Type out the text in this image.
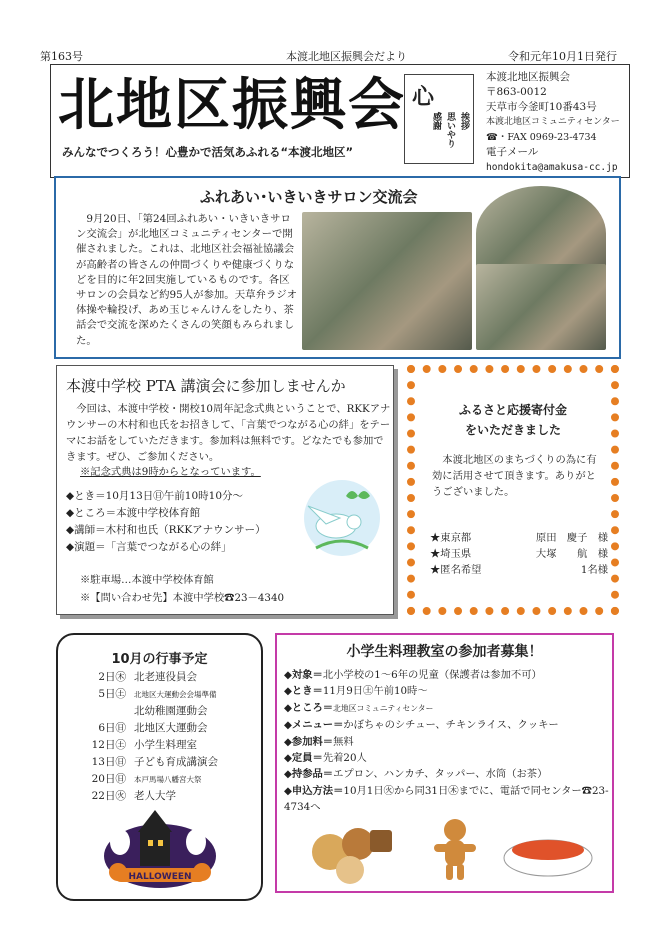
第163号	本渡北地区振興会だより	令和元年10月1日発行
北地区振興会
みんなでつくろう！心豊かで活気あふれる“本渡北地区”
心
挨拶
思いやり
感謝
本渡北地区振興会
〒863-0012
天草市今釜町10番43号
本渡北地区コミュニティセンター
☎・FAX 0969-23-4734
電子メール
hondokita@amakusa-cc.jp
ふれあい･いきいきサロン交流会
9月20日、「第24回ふれあい・いきいきサロン交流会」が北地区コミュニティセンターで開催されました。これは、北地区社会福祉協議会が高齢者の皆さんの仲間づくりや健康づくりなどを目的に年2回実施しているものです。各区サロンの会員など約95人が参加。天草弁ラジオ体操や輪投げ、あめ玉じゃんけんをしたり、茶話会で交流を深めたくさんの笑顔もみられました。
本渡中学校 PTA 講演会に参加しませんか
今回は、本渡中学校・開校10周年記念式典ということで、RKKアナウンサーの木村和也氏をお招きして、「言葉でつながる心の絆」をテーマにお話をしていただきます。参加料は無料です。どなたでも参加できます。ぜひ、ご参加ください。
※記念式典は9時からとなっています。
◆とき＝10月13日㊐午前10時10分～
◆ところ＝本渡中学校体育館
◆講師＝木村和也氏（RKKアナウンサー）
◆演題＝「言葉でつながる心の絆」
※駐車場…本渡中学校体育館
※【問い合わせ先】本渡中学校☎23－4340
ふるさと応援寄付金
をいただきました
本渡北地区のまちづくりの為に有効に活用させて頂きます。ありがとうございました。
★東京都	原田　慶子　様
★埼玉県	大塚　　航　様
★匿名希望	1名様
10月の行事予定
2日㊍ 北老連役員会
5日㊏ 北地区大運動会会場準備
北幼稚園運動会
6日㊐ 北地区大運動会
12日㊏ 小学生料理室
13日㊐ 子ども育成講演会
20日㊐ 本戸馬場八幡宮大祭
22日㊋ 老人大学
HALLOWEEN
小学生料理教室の参加者募集！
◆対象＝北小学校の1～6年の児童（保護者は参加不可）
◆とき＝11月9日㊏午前10時～
◆ところ＝北地区コミュニティセンター
◆メニュー＝かぼちゃのシチュー、チキンライス、クッキー
◆参加料＝無料
◆定員＝先着20人
◆持参品＝エプロン、ハンカチ、タッパー、水筒（お茶）
◆申込方法＝10月1日㊋から同31日㊍までに、電話で同センター☎23-4734へ
